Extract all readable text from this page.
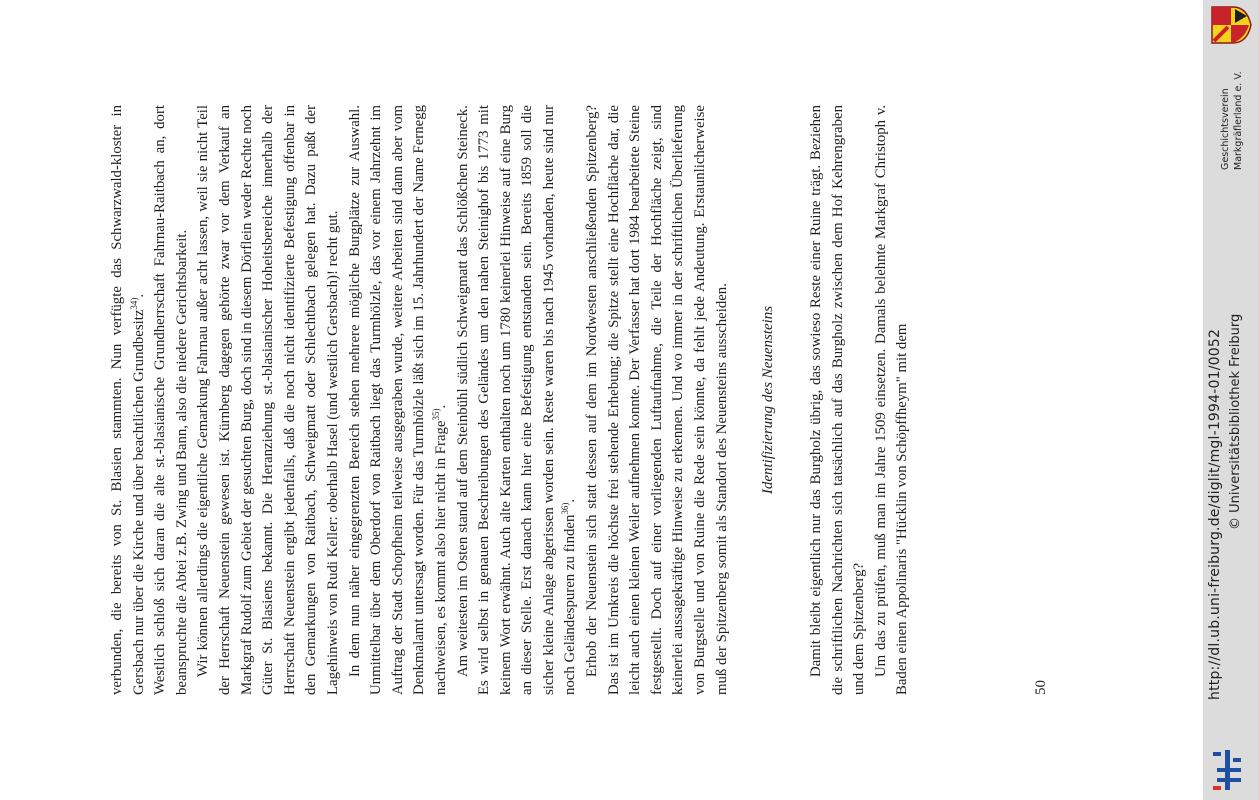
verbunden, die bereits von St. Blasien stammten. Nun verfügte das Schwarzwald-kloster in Gersbach nur über die Kirche und über beachtlichen Grundbesitz$^{34)}$. Westlich schloß sich daran die alte st.-blasianische Grundherrschaft Fahrnau-Raitbach an, dort beanspruchte die Abtei z.B. Zwing und Bann, also die niedere Gerichtsbarkeit. Wir können allerdings die eigentliche Gemarkung Fahrnau außer acht lassen, weil sie nicht Teil der Herrschaft Neuenstein gewesen ist. Kürnberg dagegen gehörte zwar vor dem Verkauf an Markgraf Rudolf zum Gebiet der gesuchten Burg, doch sind in diesem Dörflein weder Rechte noch Güter St. Blasiens bekannt. Die Heranziehung st.-blasianischer Hoheitsbereiche innerhalb der Herrschaft Neuenstein ergibt jedenfalls, daß die noch nicht identifizierte Befestigung offenbar in den Gemarkungen von Raitbach, Schweigmatt oder Schlechtbach gelegen hat. Dazu paßt der Lagehinweis von Rudi Keller: oberhalb Hasel (und westlich Gersbach)! recht gut. In dem nun näher eingegrenzten Bereich stehen mehrere mögliche Burgplätze zur Auswahl. Unmittelbar über dem Oberdorf von Raitbach liegt das Turmhölzle, das vor einem Jahrzehnt im Auftrag der Stadt Schopfheim teilweise ausgegraben wurde, weitere Arbeiten sind dann aber vom Denkmalamt untersagt worden. Für das Turmhölzle läßt sich im 15. Jahrhundert der Name Fernegg nachweisen, es kommt also hier nicht in Frage$^{35)}$. Am weitesten im Osten stand auf dem Steinbühl südlich Schweigmatt das Schlößchen Steineck. Es wird selbst in genauen Beschreibungen des Geländes um den nahen Steinighof bis 1773 mit keinem Wort erwähnt. Auch alte Karten enthalten noch um 1780 keinerlei Hinweise auf eine Burg an dieser Stelle. Erst danach kann hier eine Befestigung entstanden sein. Bereits 1859 soll die sicher kleine Anlage abgerissen worden sein. Reste waren bis nach 1945 vorhanden, heute sind nur noch Geländespuren zu finden$^{36)}$. Erhob der Neuenstein sich statt dessen auf dem im Nordwesten anschließenden Spitzenberg? Das ist im Umkreis die höchste frei stehende Erhebung; die Spitze stellt eine Hochfläche dar, die leicht auch einen kleinen Weiler aufnehmen konnte. Der Verfasser hat dort 1984 bearbeitete Steine festgestellt. Doch auf einer vorliegenden Luftaufnahme, die Teile der Hochfläche zeigt, sind keinerlei aussagekräftige Hinweise zu erkennen. Und wo immer in der schriftlichen Überlieferung von Burgstelle und von Ruine die Rede sein könnte, da fehlt jede Andeutung. Erstaunlicherweise muß der Spitzenberg somit als Standort des Neuensteins ausscheiden. Identifizierung des Neuensteins Damit bleibt eigentlich nur das Burgholz übrig, das sowieso Reste einer Ruine trägt. Beziehen die schriftlichen Nachrichten sich tatsächlich auf das Burgholz zwischen dem Hof Kehrengraben und dem Spitzenberg? Um das zu prüfen, muß man im Jahre 1509 einsetzen. Damals belehnte Markgraf Christoph v. Baden einen Appolinaris "Hücklin von Schöpffheym" mit dem	50	http://dl.ub.uni-freiburg.de/diglit/mgl-1994-01/0052 © Universitätsbibliothek Freiburg

Geschichtsverein Markgräflerland e. V.
